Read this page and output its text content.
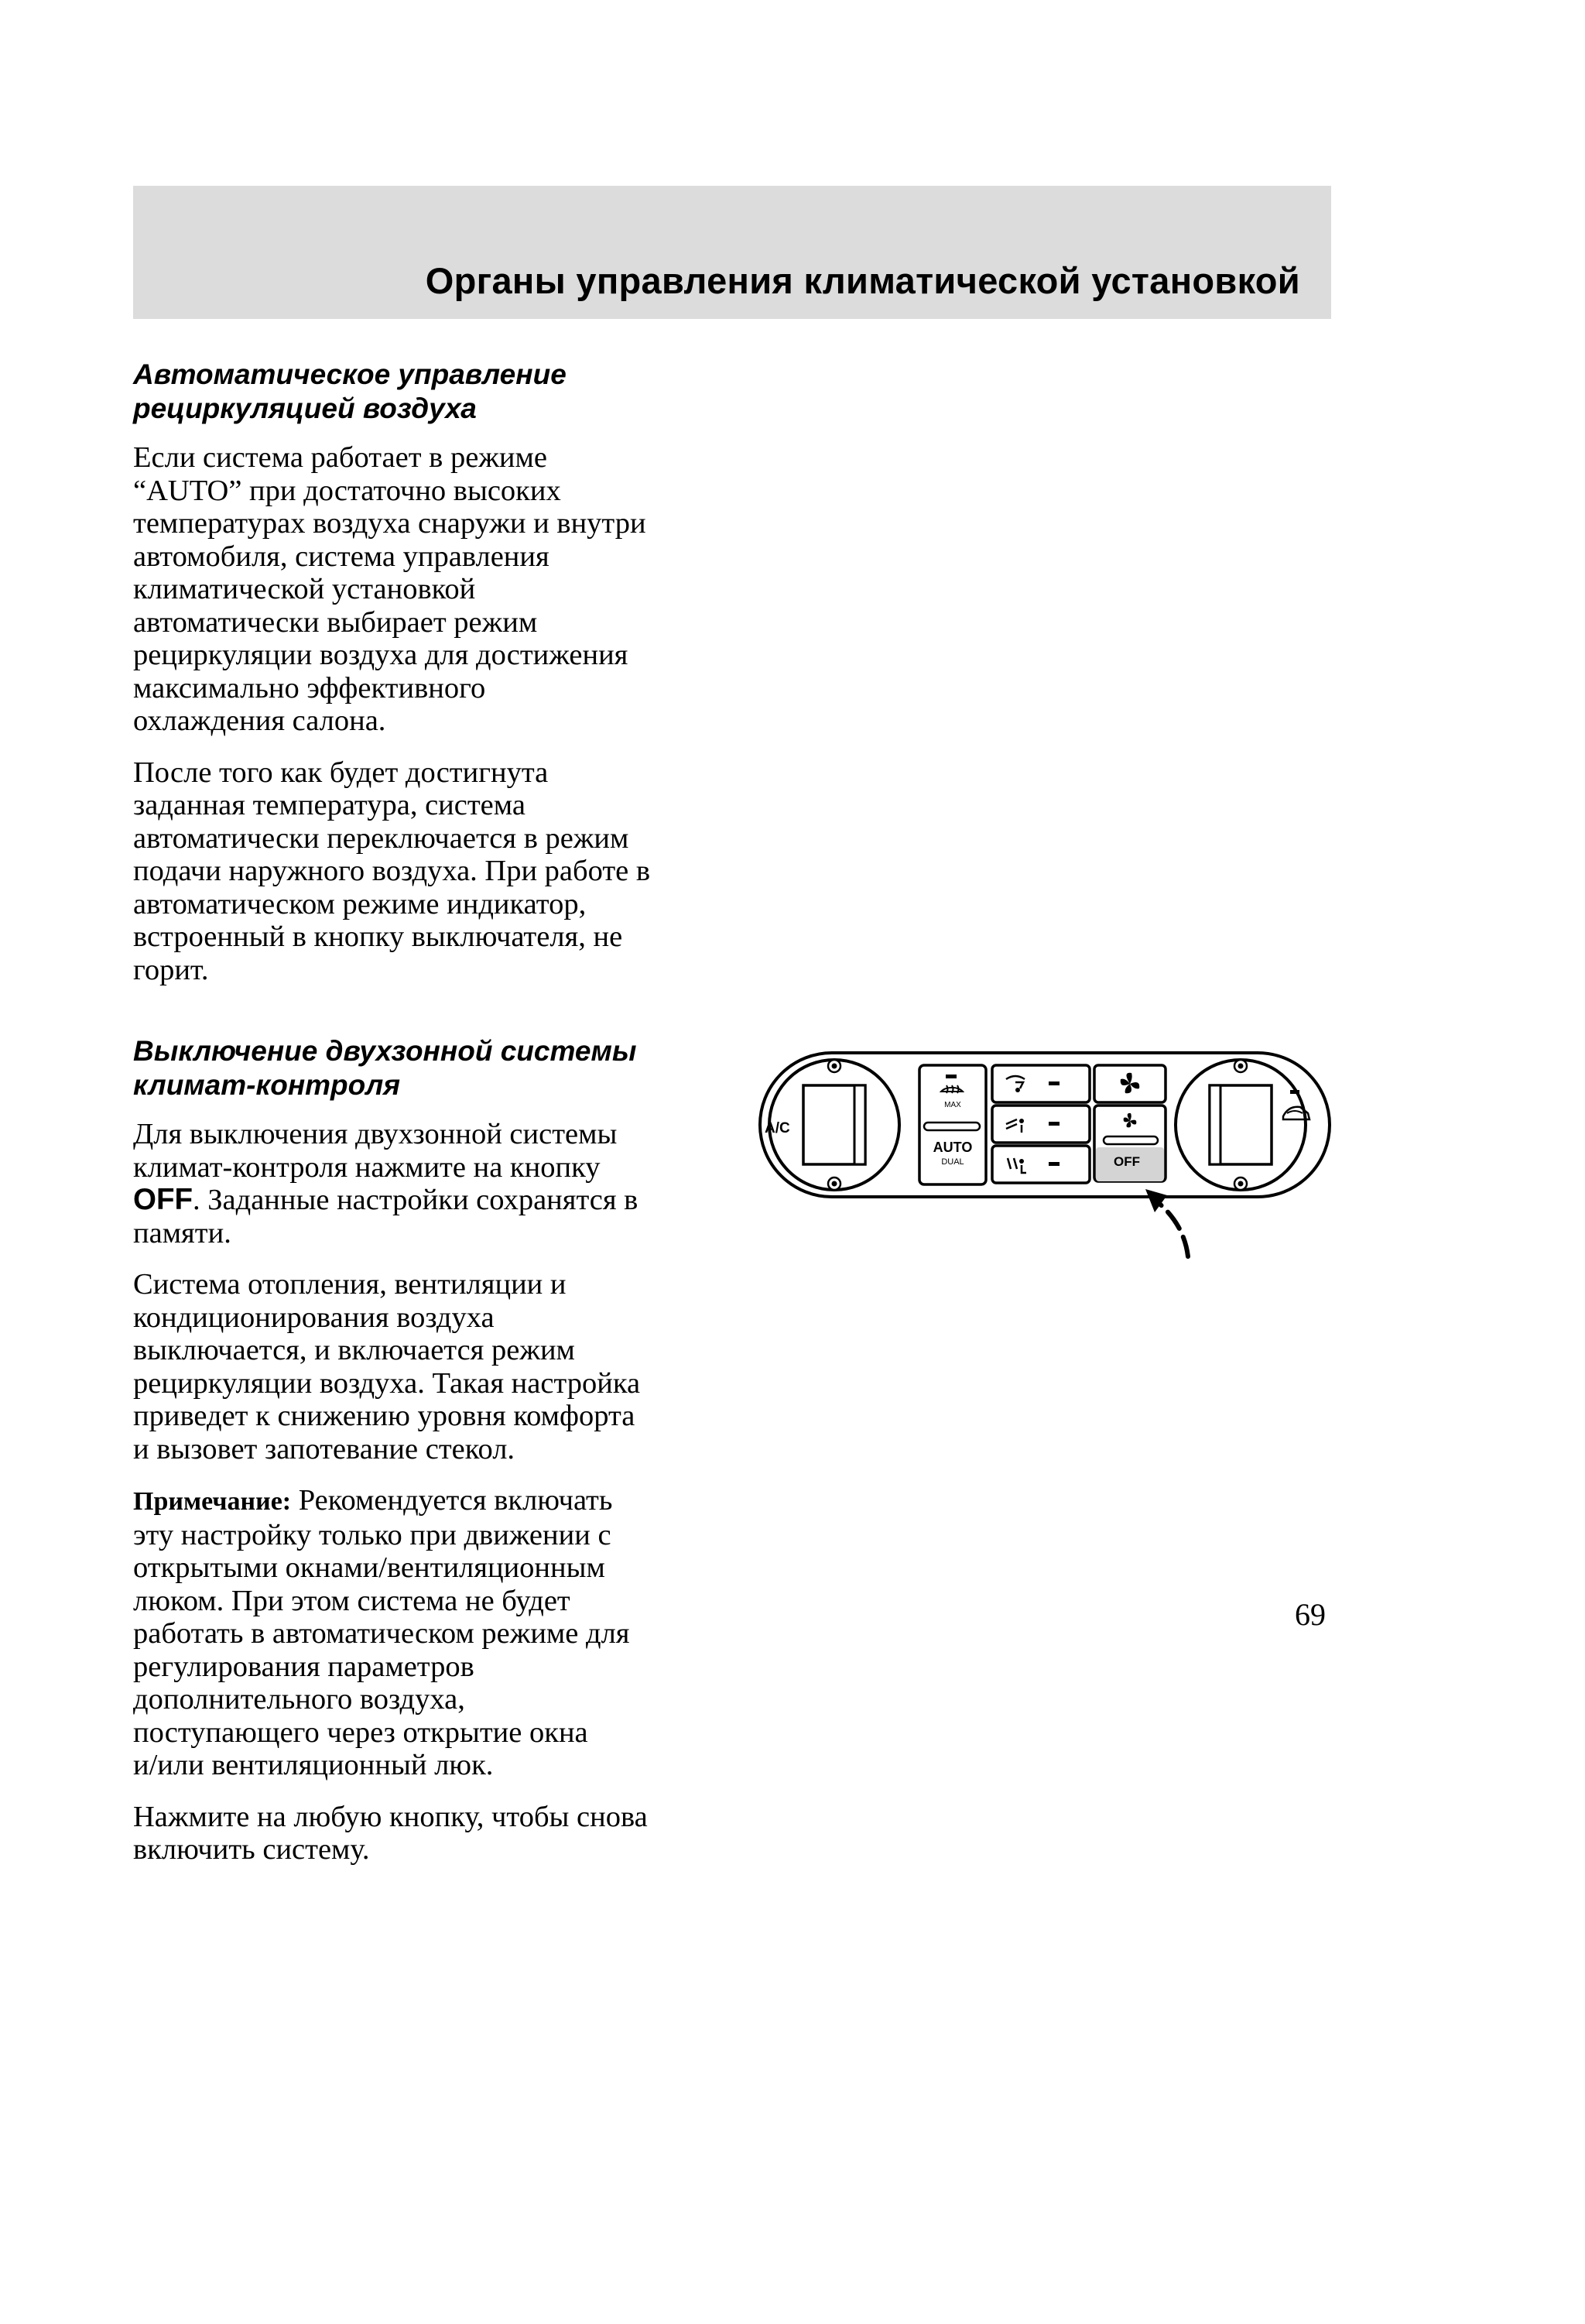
Органы управления климатической установкой
Автоматическое управление
рециркуляцией воздуха

Если система работает в режиме
“AUTO” при достаточно высоких
температурах воздуха снаружи и внутри
автомобиля, система управления
климатической установкой
автоматически выбирает режим
рециркуляции воздуха для достижения
максимально эффективного
охлаждения салона.

После того как будет достигнута
заданная температура, система
автоматически переключается в режим
подачи наружного воздуха. При работе в
автоматическом режиме индикатор,
встроенный в кнопку выключателя, не
горит.

Выключение двухзонной системы
климат-контроля

Для выключения двухзонной системы
климат-контроля нажмите на кнопку
OFF. Заданные настройки сохранятся в
памяти.

Система отопления, вентиляции и
кондиционирования воздуха
выключается, и включается режим
рециркуляции воздуха. Такая настройка
приведет к снижению уровня комфорта
и вызовет запотевание стекол.

Примечание: Рекомендуется включать
эту настройку только при движении с
открытыми окнами/вентиляционным
люком. При этом система не будет
работать в автоматическом режиме для
регулирования параметров
дополнительного воздуха,
поступающего через открытие окна
и/или вентиляционный люк.

Нажмите на любую кнопку, чтобы снова
включить систему.

A/C
MAX
AUTO
DUAL	OFF
69
